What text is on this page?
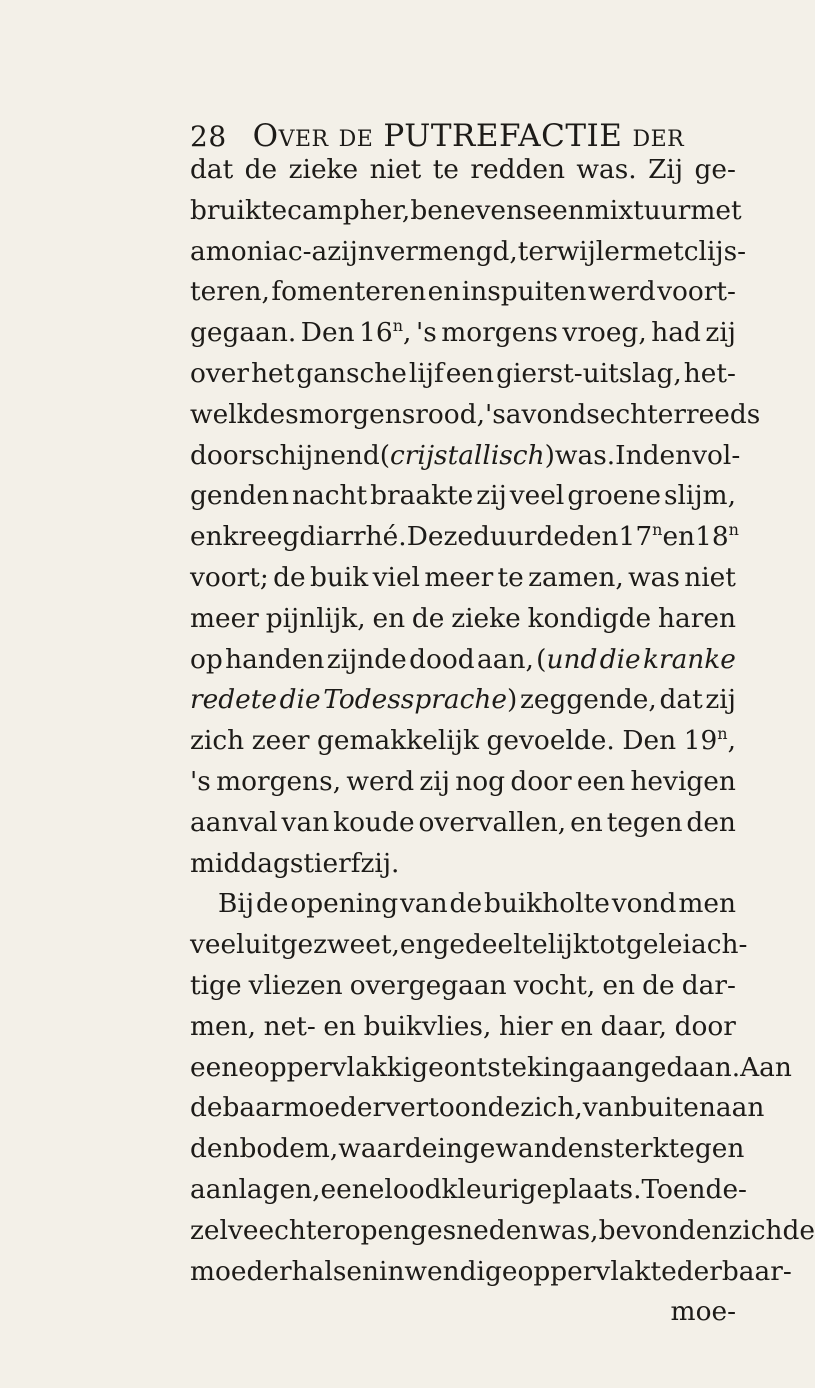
28 OVER DE PUTREFACTIE DER
dat de zieke niet te redden was. Zij ge-
bruikte campher, benevens een mixtuur met
amoniac-azijn vermengd, terwijl er met clijs-
teren, fomenteren en inspuiten werd voort-
gegaan. Den 16$^n$, 's morgens vroeg, had zij
over het gansche lijf een gierst-uitslag, het-
welk des morgens rood, 's avonds echter reeds
doorschijnend (crijstallisch) was. In den vol-
genden nacht braakte zij veel groene slijm,
en kreeg diarrhé. Deze duurde den 17$^n$ en 18$^n$
voort; de buik viel meer te zamen, was niet
meer pijnlijk, en de zieke kondigde haren
op handen zijnde dood aan, (und die kranke
redete die Todessprache) zeggende, dat zij
zich zeer gemakkelijk gevoelde. Den 19$^n$,
's morgens, werd zij nog door een hevigen
aanval van koude overvallen, en tegen den
middag stierf zij.
Bij de opening van de buikholte vond men
veel uitgezweet, en gedeeltelijk tot geleiach-
tige vliezen overgegaan vocht, en de dar-
men, net- en buikvlies, hier en daar, door
eene oppervlakkige ontsteking aangedaan. Aan
de baarmoeder vertoonde zich, van buiten aan
den bodem, waar de ingewanden sterk tegen
aan lagen, eene loodkleurige plaats. Toen de-
zelve echter opengesneden was, bevonden zich de
moederhals en inwendige oppervlakte der baar-
moe-
